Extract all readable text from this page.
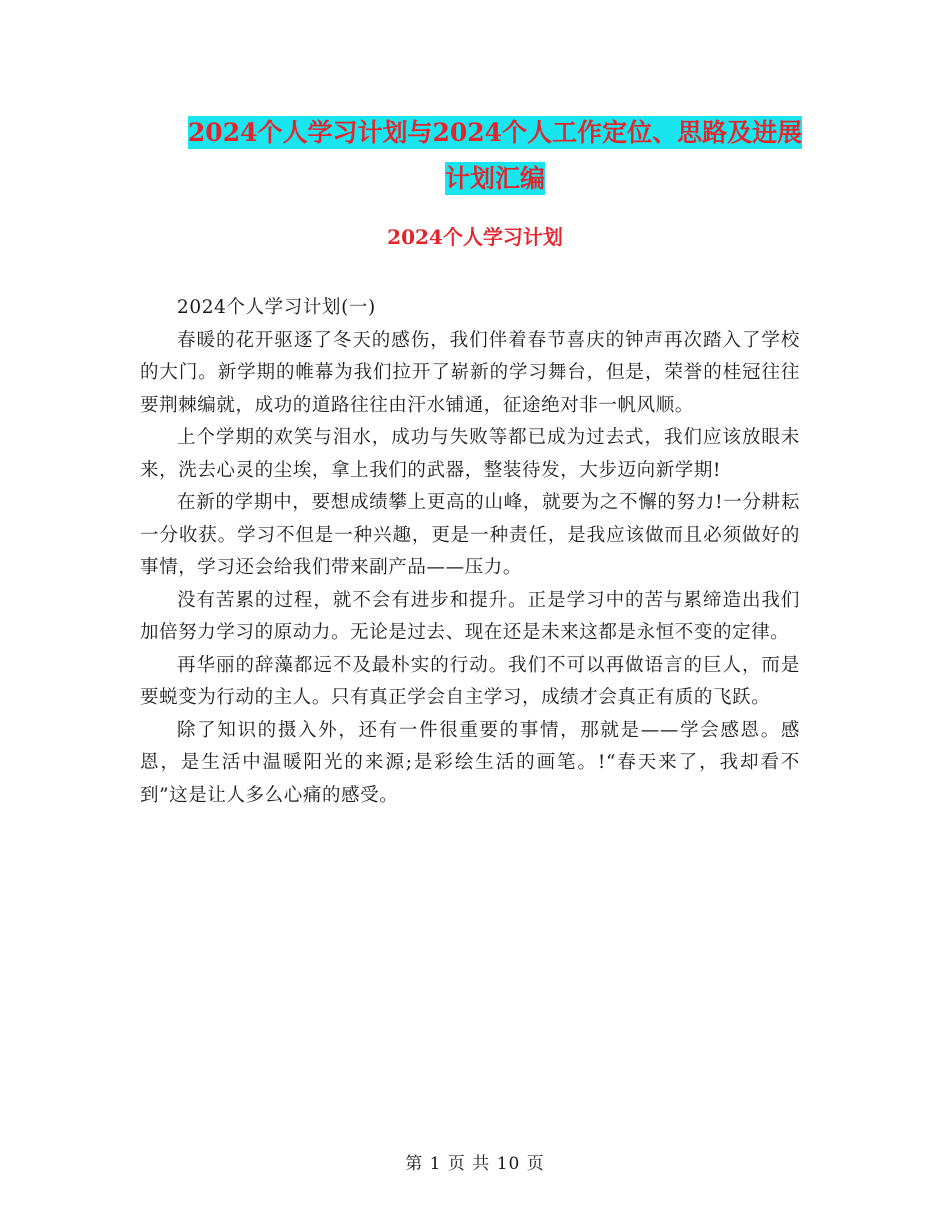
2024个人学习计划与2024个人工作定位、思路及进展
计划汇编
2024个人学习计划

2024个人学习计划(一)

春暖的花开驱逐了冬天的感伤，我们伴着春节喜庆的钟声再次踏入了学校的大门。新学期的帷幕为我们拉开了崭新的学习舞台，但是，荣誉的桂冠往往要荆棘编就，成功的道路往往由汗水铺通，征途绝对非一帆风顺。

上个学期的欢笑与泪水，成功与失败等都已成为过去式，我们应该放眼未来，洗去心灵的尘埃，拿上我们的武器，整装待发，大步迈向新学期!

在新的学期中，要想成绩攀上更高的山峰，就要为之不懈的努力!一分耕耘一分收获。学习不但是一种兴趣，更是一种责任，是我应该做而且必须做好的事情，学习还会给我们带来副产品——压力。

没有苦累的过程，就不会有进步和提升。正是学习中的苦与累缔造出我们加倍努力学习的原动力。无论是过去、现在还是未来这都是永恒不变的定律。

再华丽的辞藻都远不及最朴实的行动。我们不可以再做语言的巨人，而是要蜕变为行动的主人。只有真正学会自主学习，成绩才会真正有质的飞跃。

除了知识的摄入外，还有一件很重要的事情，那就是——学会感恩。感恩，是生活中温暖阳光的来源;是彩绘生活的画笔。!“春天来了，我却看不到”这是让人多么心痛的感受。

第 1 页 共 10 页
